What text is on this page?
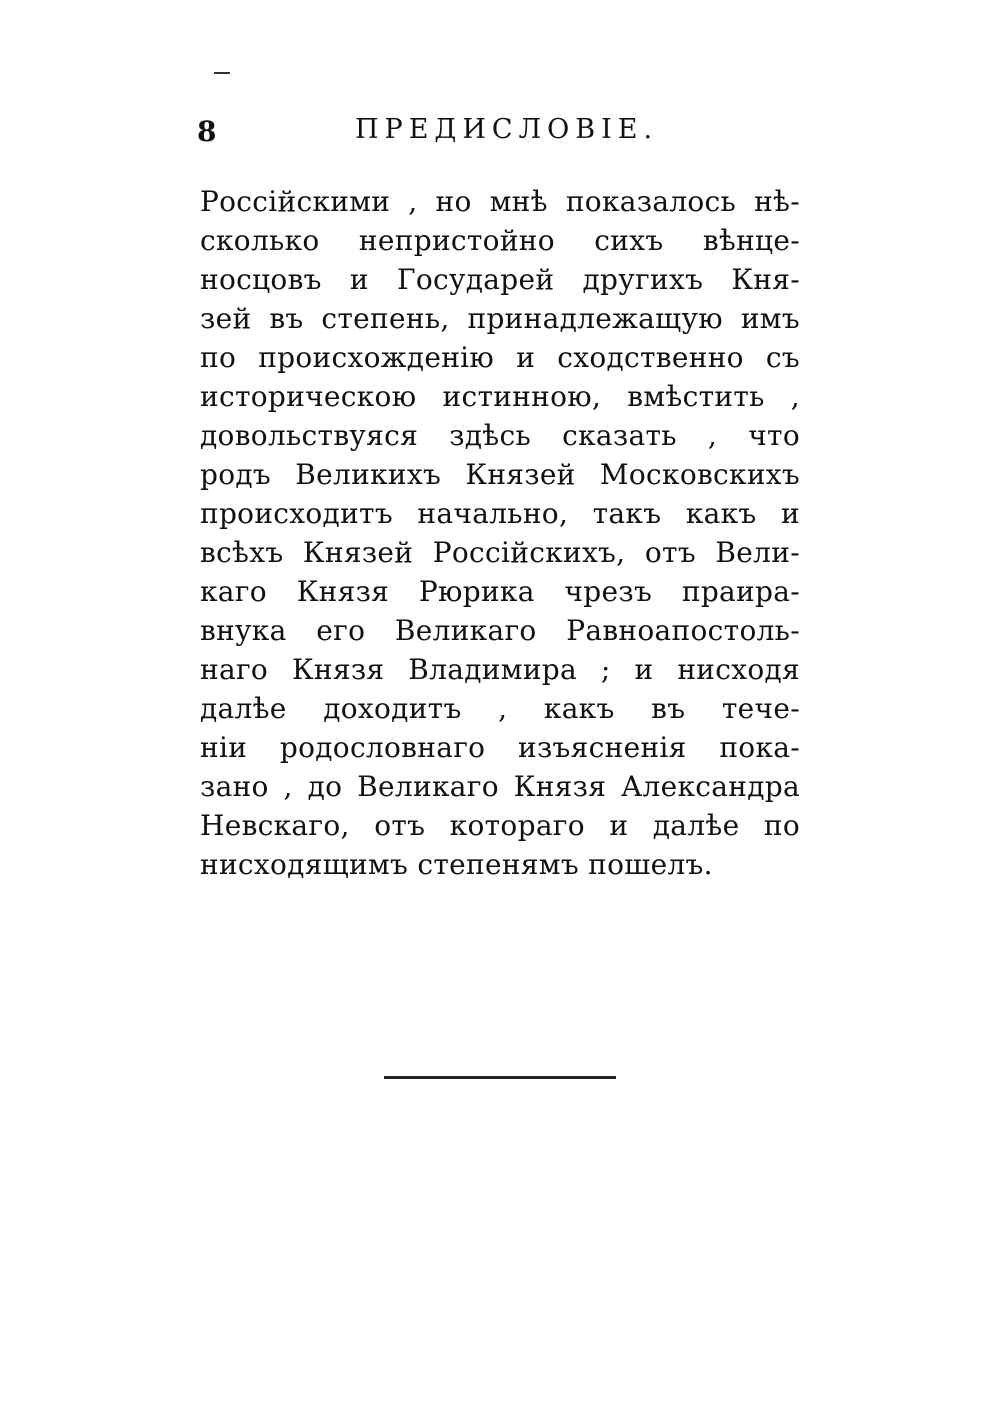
8	ПРЕДИСЛОВІЕ.
Россійскими , но мнѣ показалось нѣ-
сколько непристойно сихъ вѣнце-
носцовъ и Государей другихъ Кня-
зей въ степень, принадлежащую имъ
по происхожденію и сходственно съ
историческою истинною, вмѣстить ,
довольствуяся здѣсь сказать , что
родъ Великихъ Князей Московскихъ
происходитъ начально, такъ какъ и
всѣхъ Князей Россійскихъ, отъ Вели-
каго Князя Рюрика чрезъ праира-
внука его Великаго Равноапостоль-
наго Князя Владимира ; и нисходя
далѣе доходитъ , какъ въ тече-
ніи родословнаго изъясненія пока-
зано , до Великаго Князя Александра
Невскаго, отъ котораго и далѣе по
нисходящимъ степенямъ пошелъ.
